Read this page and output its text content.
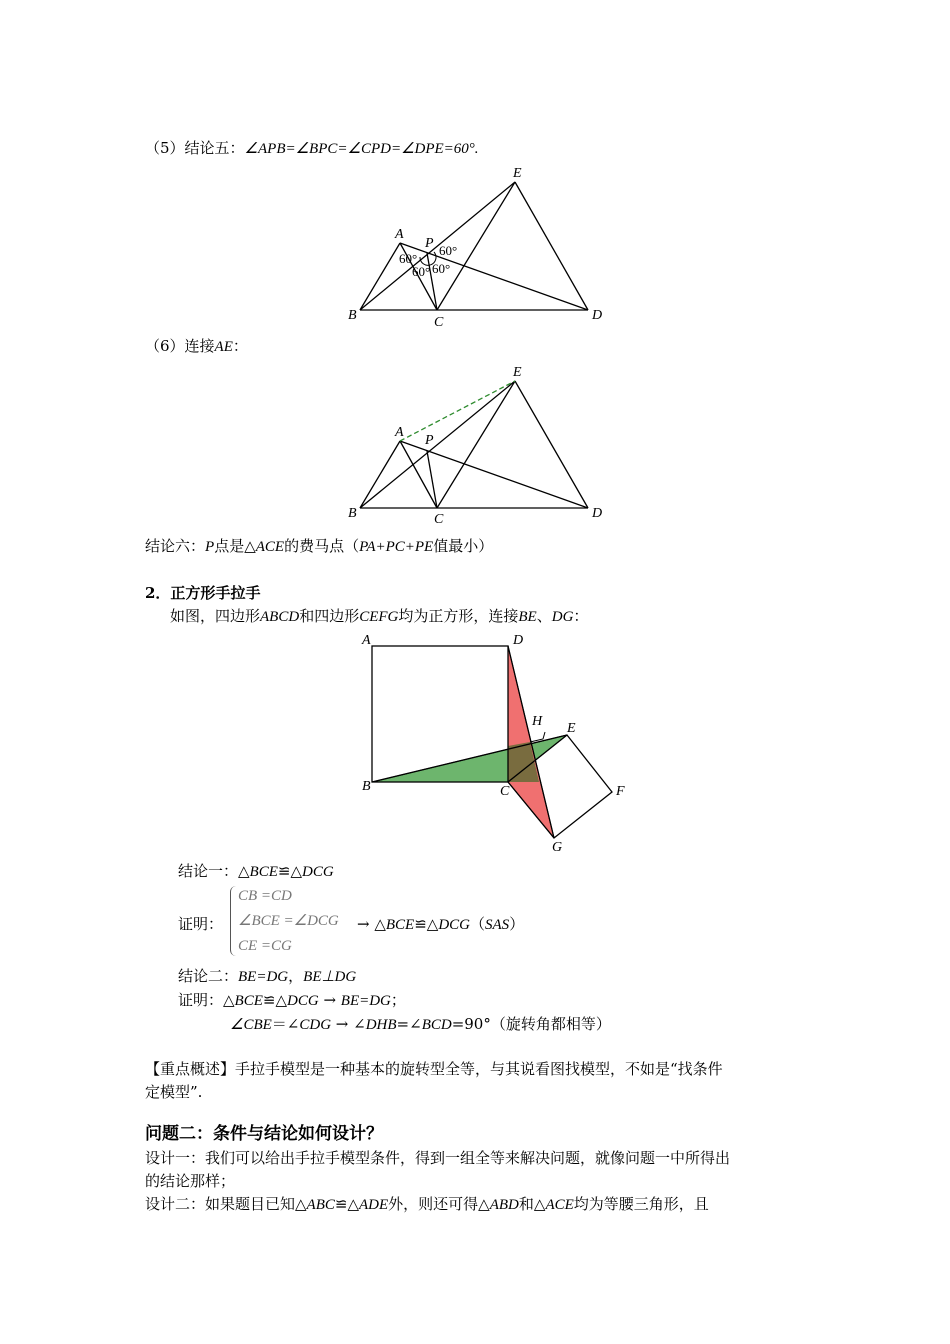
（5）结论五：∠APB=∠BPC=∠CPD=∠DPE=60°.
E
A
P
B	C	D
60°
60°
60° 60°
（6）连接AE：
E
A
P
B	C	D
结论六：P点是△ACE的费马点（PA+PC+PE值最小）
2．正方形手拉手
如图，四边形ABCD和四边形CEFG均为正方形，连接BE、DG：
A	D
H E
B	C	F
G
结论一：△BCE≌△DCG
证明：
CB =CD
∠BCE =∠DCG
CE =CG
→ △BCE≌△DCG（SAS）
结论二：BE=DG，BE⊥DG
证明：△BCE≌△DCG → BE=DG；
∠CBE＝∠CDG → ∠DHB=∠BCD=90°（旋转角都相等）
【重点概述】手拉手模型是一种基本的旋转型全等，与其说看图找模型，不如是“找条件
定模型”.
问题二：条件与结论如何设计？
设计一：我们可以给出手拉手模型条件，得到一组全等来解决问题，就像问题一中所得出
的结论那样；
设计二：如果题目已知△ABC≌△ADE外，则还可得△ABD和△ACE均为等腰三角形，且
